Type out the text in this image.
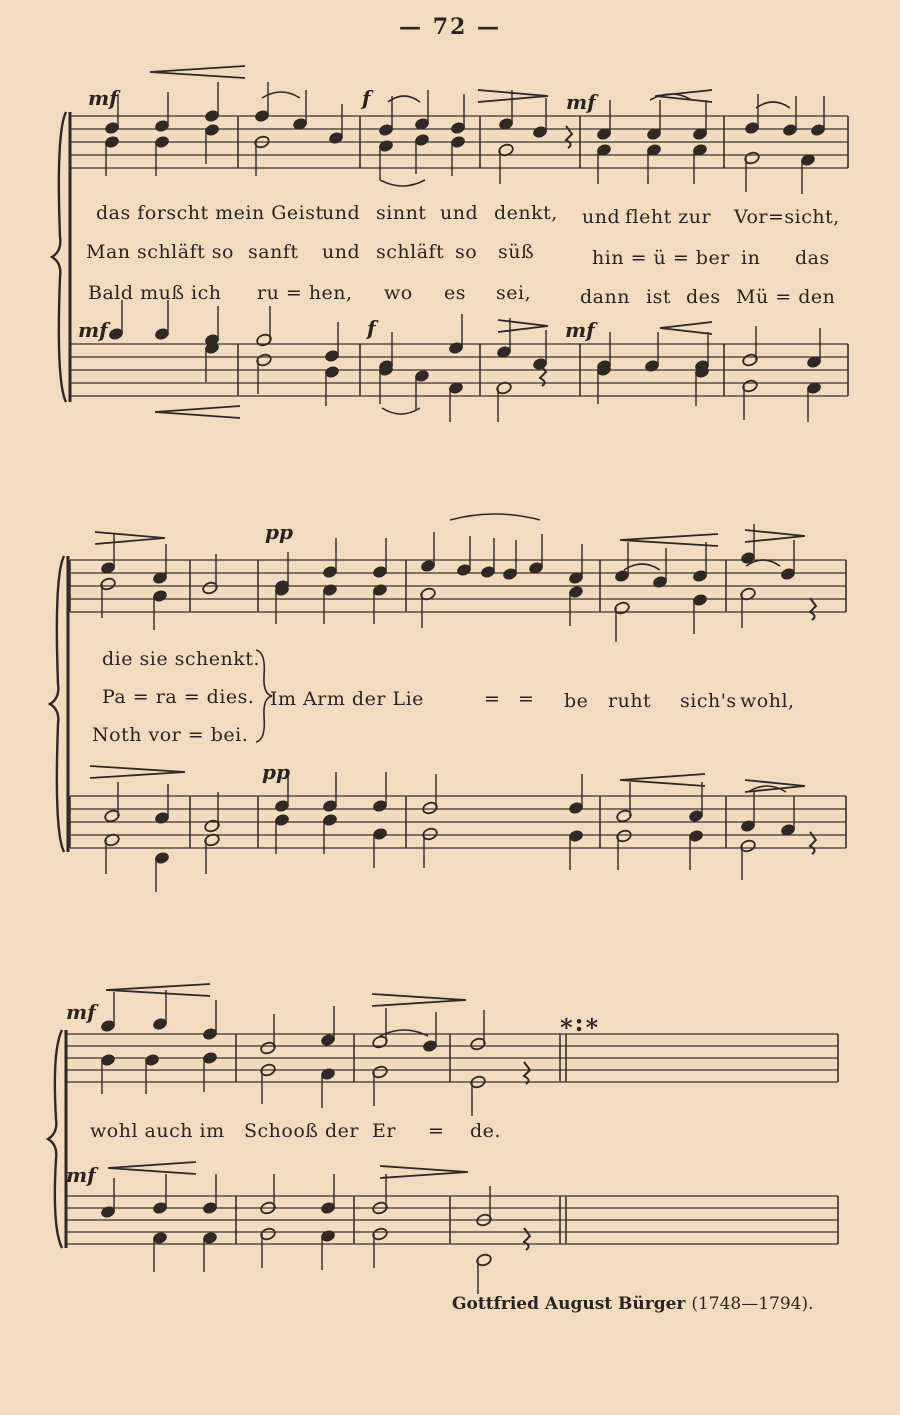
— 72 —
mf	f	mf
mf	f	mf
pp
pp
mf
mf
das forscht mein Geist
und sinnt und denkt, und fleht zur Vor=sicht,
Man schläft so sanft und schläft so süß	hin = ü = ber in das
Bald muß ich ru = hen, wo es sei,	dann ist des Mü = den
die sie schenkt.
Pa = ra = dies.
Noth vor = bei.
Im Arm der Lie	= = be ruht sich's wohl,
wohl auch im Schooß der Er = de.
∗:∗
Gottfried August Bürger (1748—1794).
